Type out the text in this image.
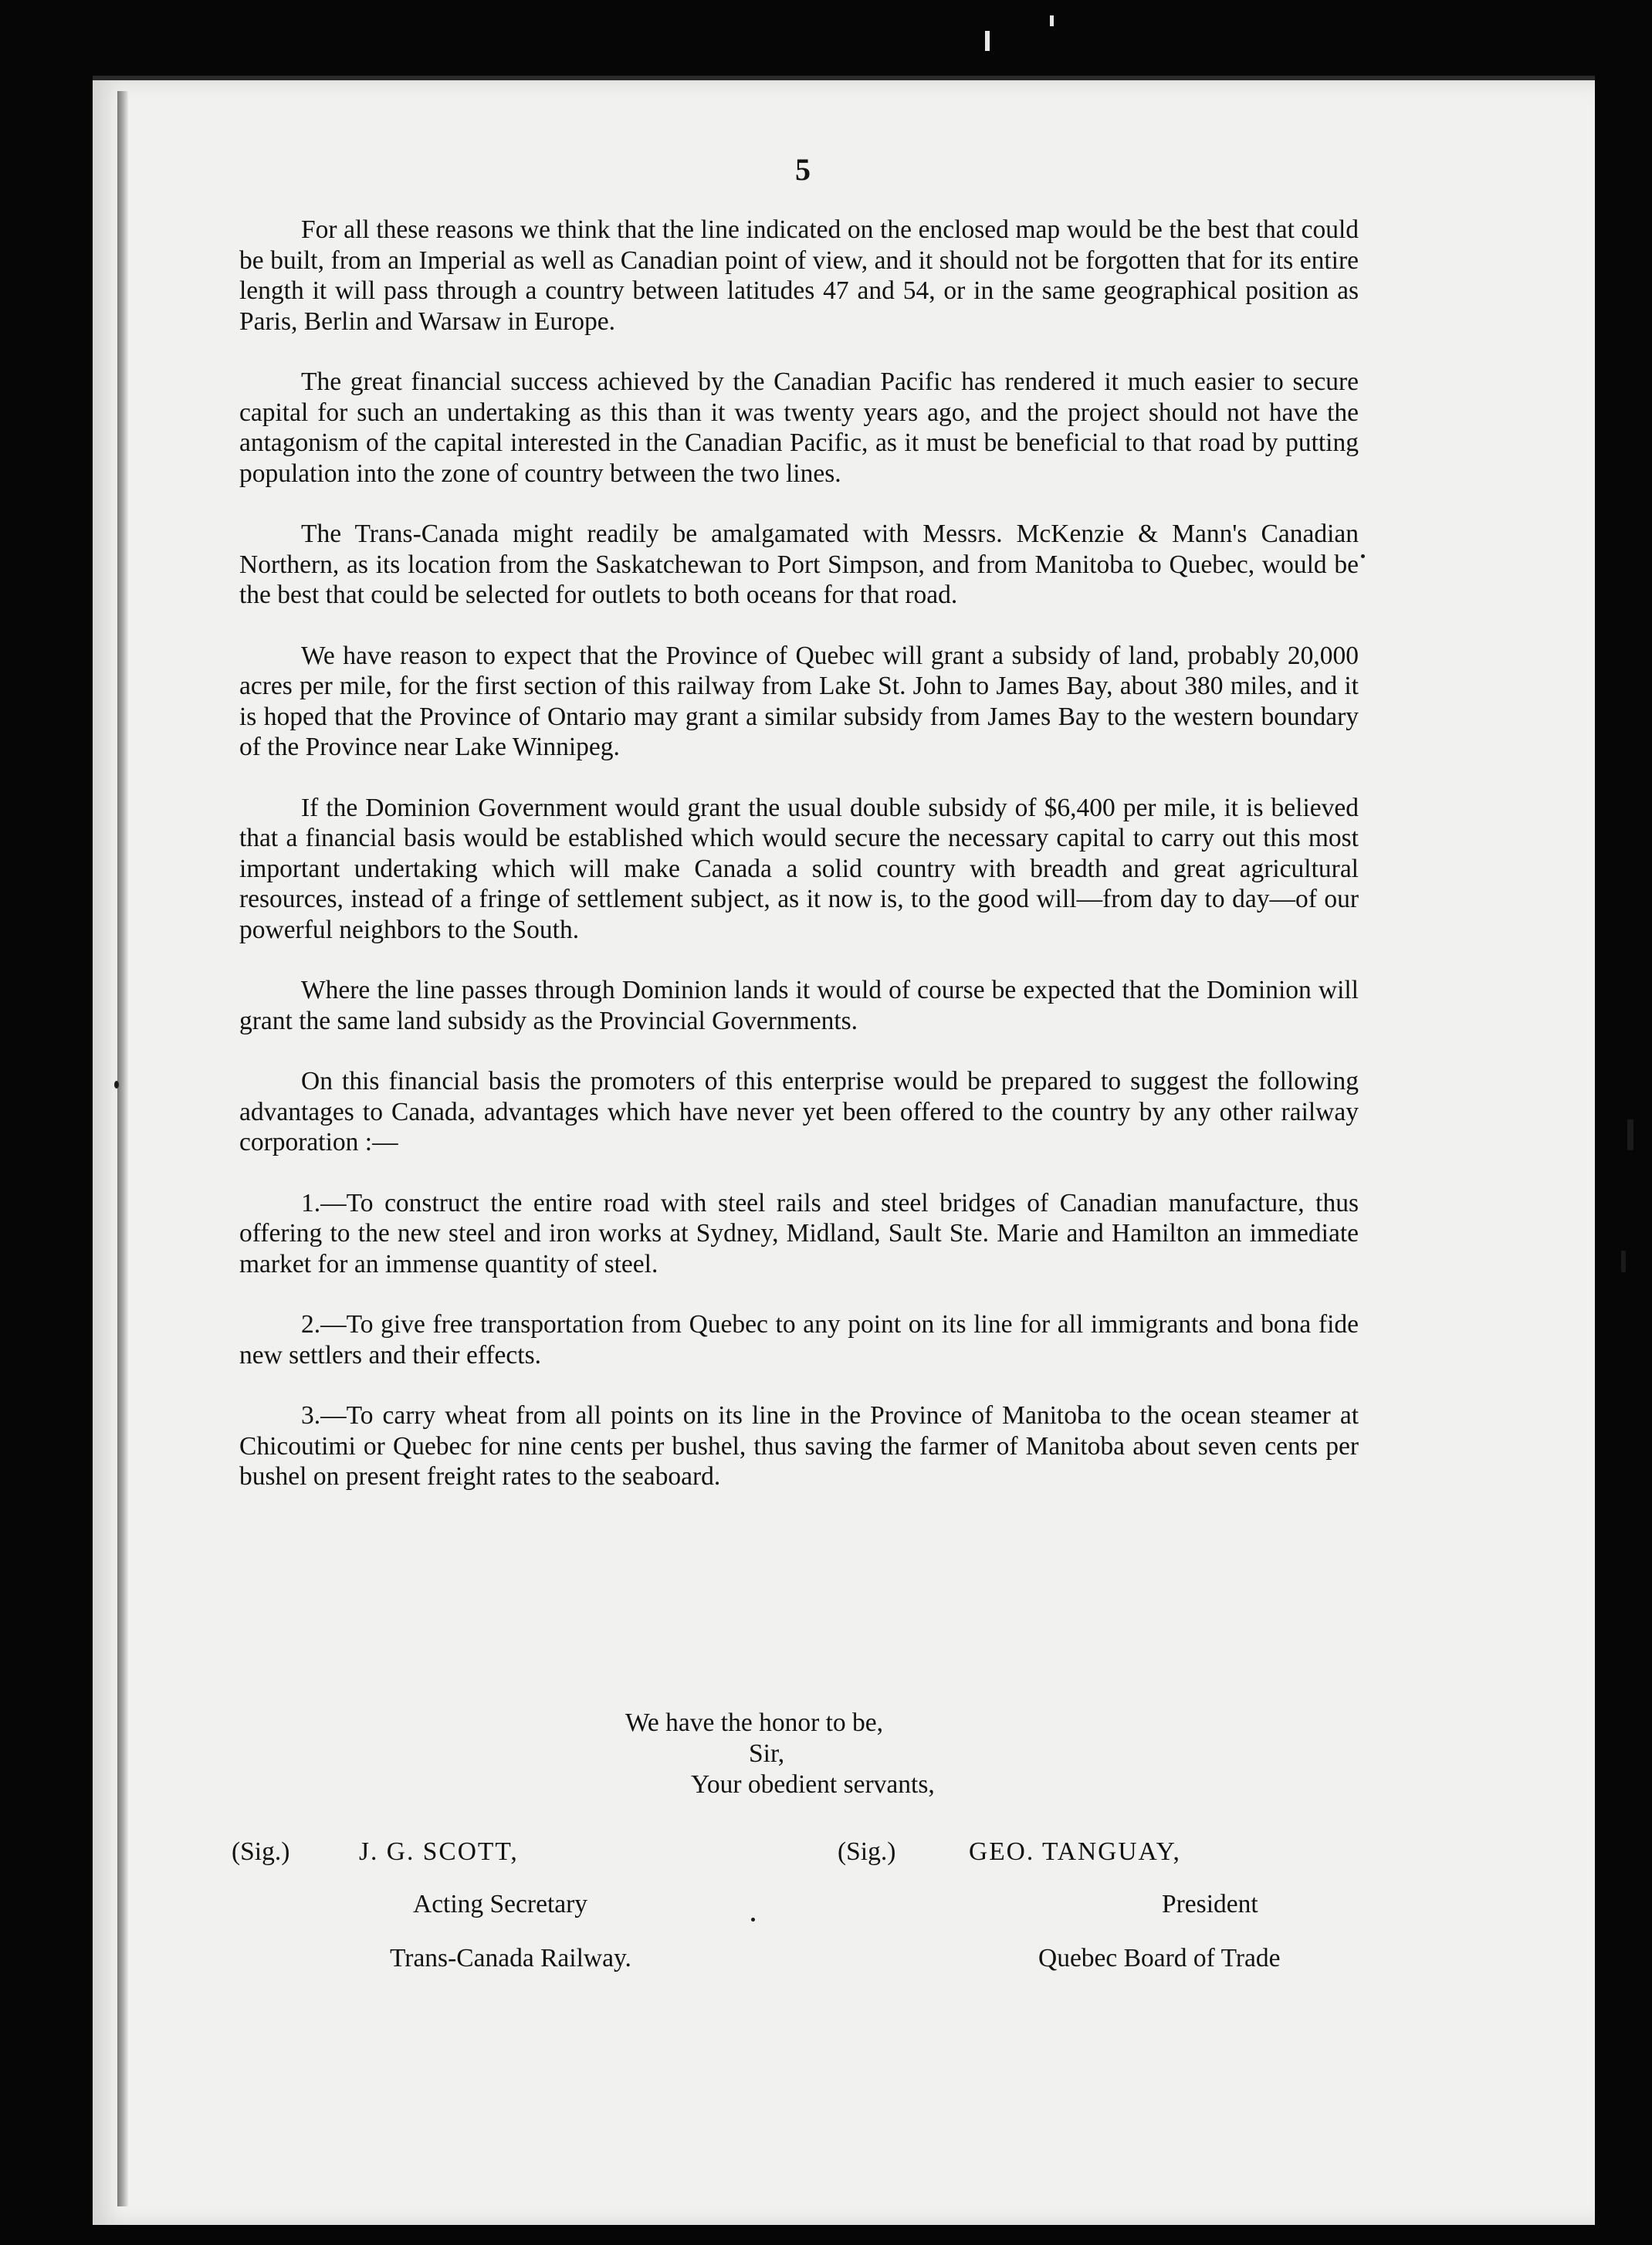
5

For all these reasons we think that the line indicated on the enclosed map would be the best that could be built, from an Imperial as well as Canadian point of view, and it should not be forgotten that for its entire length it will pass through a country between latitudes 47 and 54, or in the same geographical position as Paris, Berlin and Warsaw in Europe.

The great financial success achieved by the Canadian Pacific has rendered it much easier to secure capital for such an undertaking as this than it was twenty years ago, and the project should not have the antagonism of the capital interested in the Canadian Pacific, as it must be beneficial to that road by putting population into the zone of country between the two lines.

The Trans-Canada might readily be amalgamated with Messrs. McKenzie & Mann's Canadian Northern, as its location from the Saskatchewan to Port Simpson, and from Manitoba to Quebec, would be the best that could be selected for outlets to both oceans for that road.

We have reason to expect that the Province of Quebec will grant a subsidy of land, probably 20,000 acres per mile, for the first section of this railway from Lake St. John to James Bay, about 380 miles, and it is hoped that the Province of Ontario may grant a similar subsidy from James Bay to the western boundary of the Province near Lake Winnipeg.

If the Dominion Government would grant the usual double subsidy of $6,400 per mile, it is believed that a financial basis would be established which would secure the necessary capital to carry out this most important undertaking which will make Canada a solid country with breadth and great agricultural resources, instead of a fringe of settlement subject, as it now is, to the good will—from day to day—of our powerful neighbors to the South.

Where the line passes through Dominion lands it would of course be expected that the Dominion will grant the same land subsidy as the Provincial Governments.

On this financial basis the promoters of this enterprise would be prepared to suggest the following advantages to Canada, advantages which have never yet been offered to the country by any other railway corporation :—

1.—To construct the entire road with steel rails and steel bridges of Canadian manufacture, thus offering to the new steel and iron works at Sydney, Midland, Sault Ste. Marie and Hamilton an immediate market for an immense quantity of steel.

2.—To give free transportation from Quebec to any point on its line for all immigrants and bona fide new settlers and their effects.

3.—To carry wheat from all points on its line in the Province of Manitoba to the ocean steamer at Chicoutimi or Quebec for nine cents per bushel, thus saving the farmer of Manitoba about seven cents per bushel on present freight rates to the seaboard.

We have the honor to be,
Sir,
Your obedient servants,
(Sig.)	J. G. SCOTT,
Acting Secretary
Trans-Canada Railway.
(Sig.)	GEO. TANGUAY,
President
Quebec Board of Trade
